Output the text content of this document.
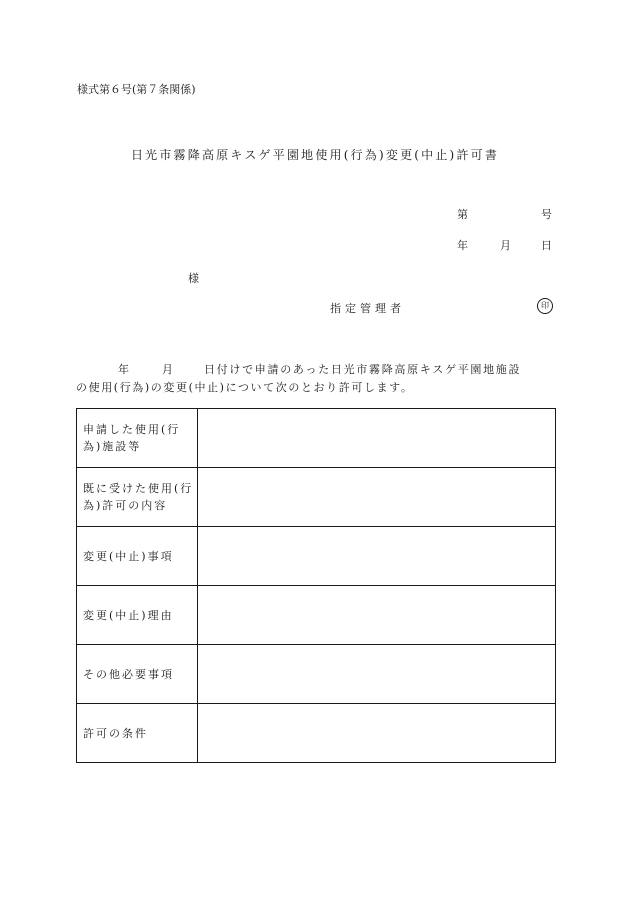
様式第６号(第７条関係)
日光市霧降高原キスゲ平園地使用(行為)変更(中止)許可書
第	号
年	月	日
様
指定管理者	印
年	月	日付けで申請のあった日光市霧降高原キスゲ平園地施設
の使用(行為)の変更(中止)について次のとおり許可します。
申請した使用(行為)施設等	
既に受けた使用(行為)許可の内容	
変更(中止)事項	
変更(中止)理由	
その他必要事項	
許可の条件	
